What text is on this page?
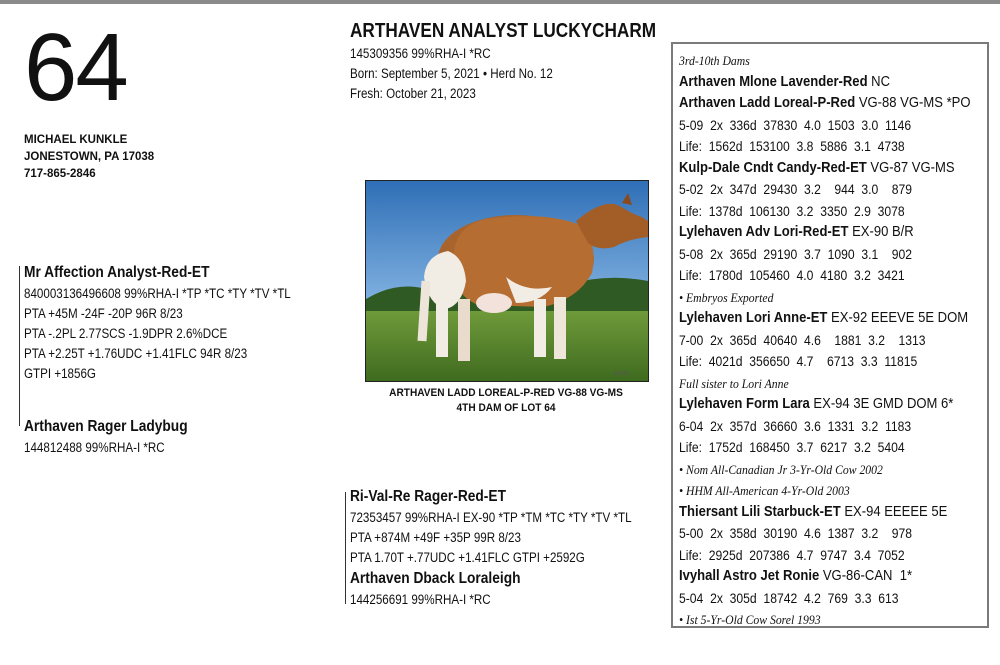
64
MICHAEL KUNKLE
JONESTOWN, PA 17038
717-865-2846
Mr Affection Analyst-Red-ET
840003136496608 99%RHA-I *TP *TC *TY *TV *TL
PTA +45M -24F -20P 96R 8/23
PTA -.2PL 2.77SCS -1.9DPR 2.6%DCE
PTA +2.25T +1.76UDC +1.41FLC 94R 8/23
GTPI +1856G
Arthaven Rager Ladybug
144812488 99%RHA-I *RC
ARTHAVEN ANALYST LUCKYCHARM
145309356 99%RHA-I *RC
Born: September 5, 2021 • Herd No. 12
Fresh: October 21, 2023
photo
ARTHAVEN LADD LOREAL-P-RED VG-88 VG-MS
4TH DAM OF LOT 64
Ri-Val-Re Rager-Red-ET
72353457 99%RHA-I EX-90 *TP *TM *TC *TY *TV *TL
PTA +874M +49F +35P 99R 8/23
PTA 1.70T +.77UDC +1.41FLC GTPI +2592G
Arthaven Dback Loraleigh
144256691 99%RHA-I *RC
3rd-10th Dams
Arthaven Mlone Lavender-Red NC
Arthaven Ladd Loreal-P-Red VG-88 VG-MS *PO
5-09  2x  336d  37830  4.0  1503  3.0  1146
Life:  1562d  153100  3.8  5886  3.1  4738
Kulp-Dale Cndt Candy-Red-ET VG-87 VG-MS
5-02  2x  347d  29430  3.2    944  3.0    879
Life:  1378d  106130  3.2  3350  2.9  3078
Lylehaven Adv Lori-Red-ET EX-90 B/R
5-08  2x  365d  29190  3.7  1090  3.1    902
Life:  1780d  105460  4.0  4180  3.2  3421
• Embryos Exported
Lylehaven Lori Anne-ET EX-92 EEEVE 5E DOM
7-00  2x  365d  40640  4.6    1881  3.2    1313
Life:  4021d  356650  4.7    6713  3.3  11815
Full sister to Lori Anne
Lylehaven Form Lara EX-94 3E GMD DOM 6*
6-04  2x  357d  36660  3.6  1331  3.2  1183
Life:  1752d  168450  3.7  6217  3.2  5404
• Nom All-Canadian Jr 3-Yr-Old Cow 2002
• HHM All-American 4-Yr-Old 2003
Thiersant Lili Starbuck-ET EX-94 EEEEE 5E
5-00  2x  358d  30190  4.6  1387  3.2    978
Life:  2925d  207386  4.7  9747  3.4  7052
Ivyhall Astro Jet Ronie VG-86-CAN  1*
5-04  2x  305d  18742  4.2  769  3.3  613
• Ist 5-Yr-Old Cow Sorel 1993
